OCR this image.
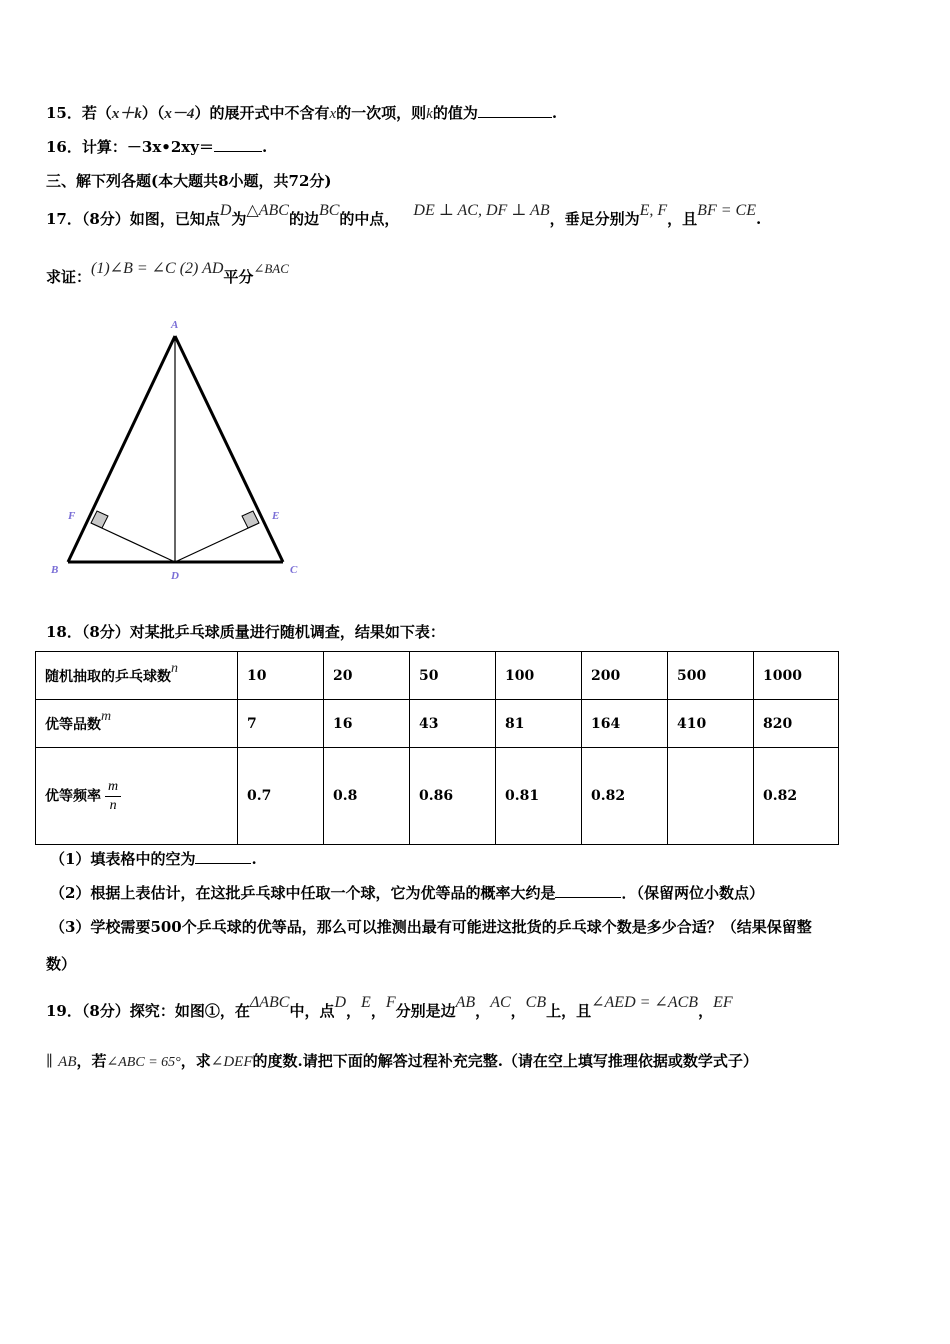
15．若（x＋k）（x－4）的展开式中不含有x的一次项，则k的值为	.
16．计算：－3x•2xy＝	.
三、解下列各题(本大题共8小题，共72分)
17．（8分）如图，已知点D为△ABC的边BC的中点， DE ⊥ AC, DF ⊥ AB，垂足分别为E, F，且BF = CE.
求证：(1)∠B = ∠C (2) AD平分∠BAC
A
B	C
D
E
F
18．（8分）对某批乒乓球质量进行随机调查，结果如下表：
随机抽取的乒乓球数n	10	20	50	100	200	500	1000
优等品数m	7	16	43	81	164	410	820
优等频率 $\frac{m}{n}$	0.7	0.8	0.86	0.81	0.82		0.82
（1）填表格中的空为	.
（2）根据上表估计，在这批乒乓球中任取一个球，它为优等品的概率大约是	．（保留两位小数点）
（3）学校需要500个乒乓球的优等品，那么可以推测出最有可能进这批货的乒乓球个数是多少合适？（结果保留整
数）
19．（8分）探究：如图①，在ΔABC中，点D，E，F分别是边AB，AC，CB上，且∠AED = ∠ACB，EF
∥ AB，若∠ABC = 65°，求∠DEF的度数.请把下面的解答过程补充完整.（请在空上填写推理依据或数学式子）
